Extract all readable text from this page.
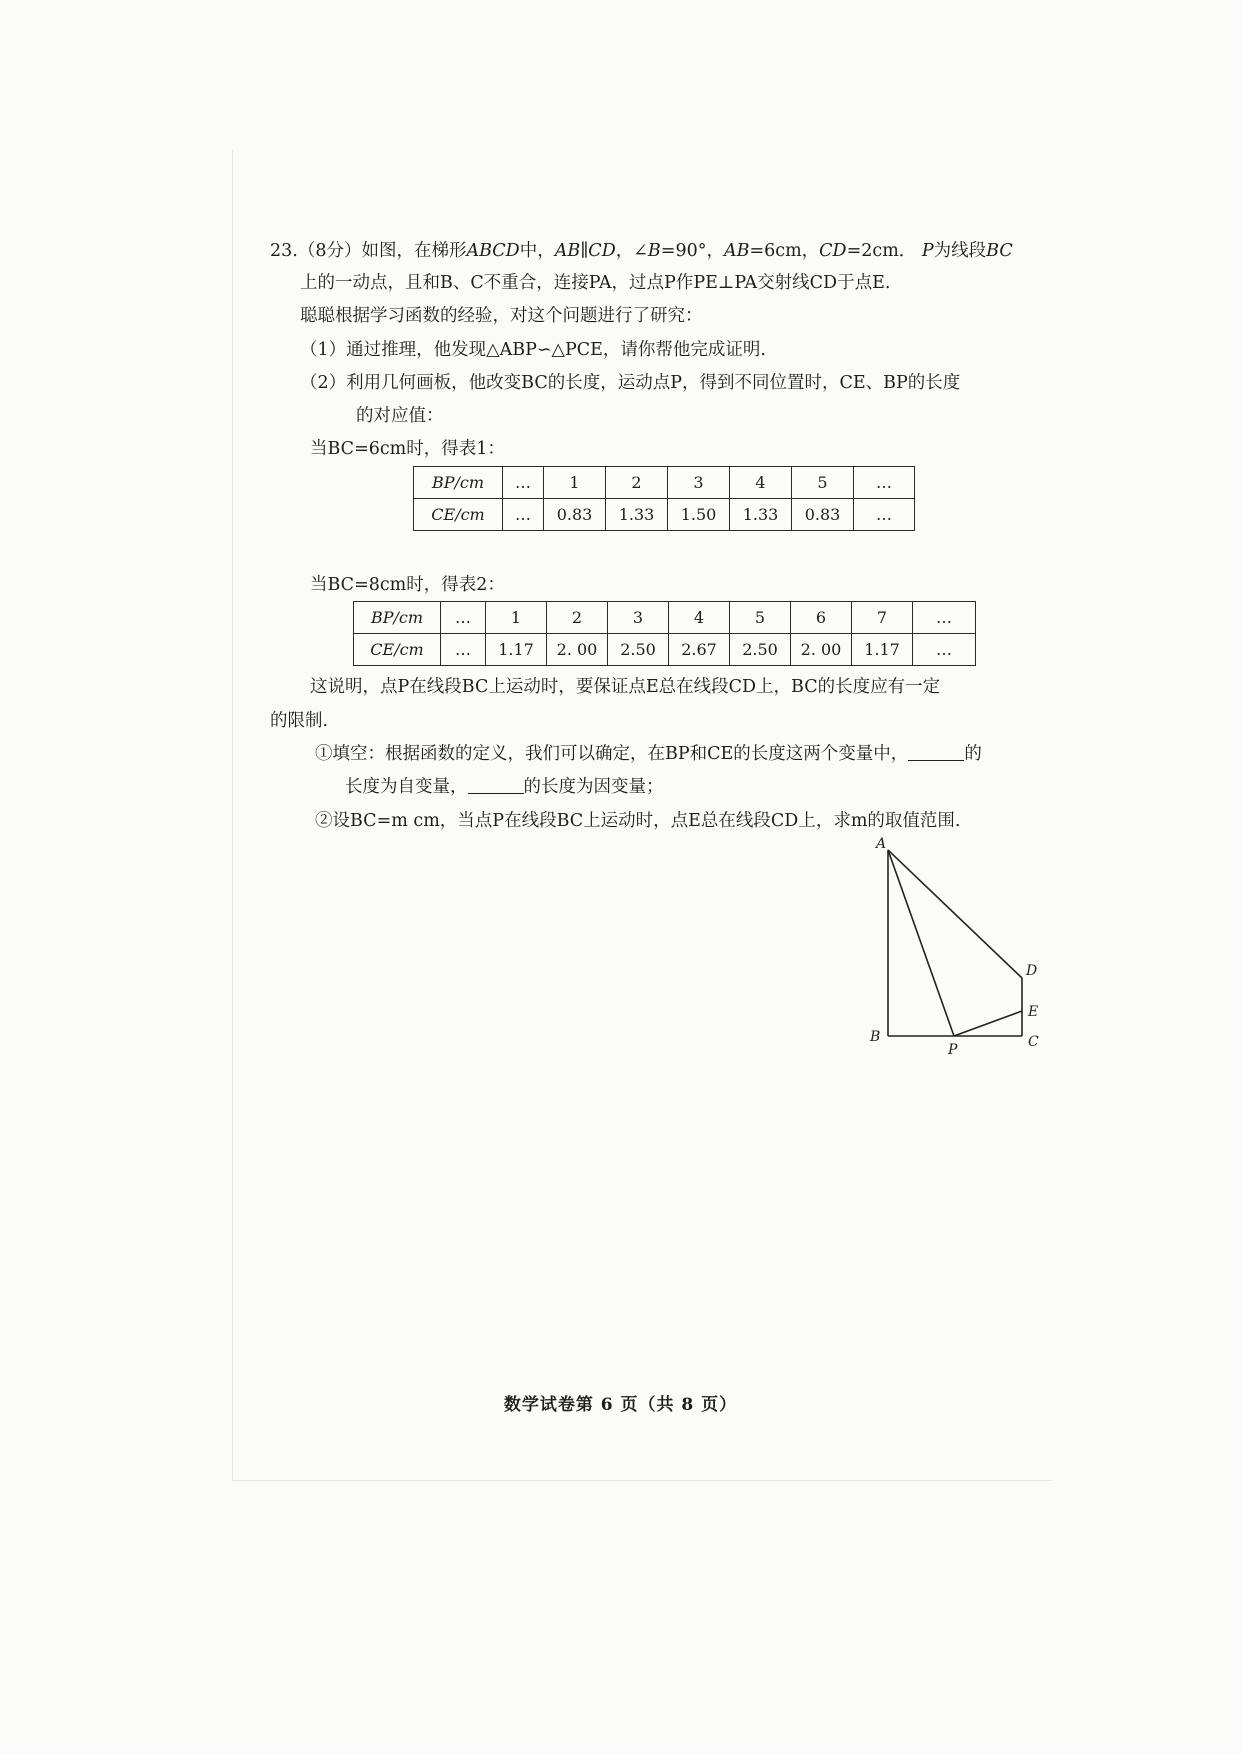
23.（8分）如图，在梯形ABCD中，AB∥CD，∠B=90°，AB=6cm，CD=2cm． P为线段BC
上的一动点，且和B、C不重合，连接PA，过点P作PE⊥PA交射线CD于点E.
聪聪根据学习函数的经验，对这个问题进行了研究：
（1）通过推理，他发现△ABP∽△PCE，请你帮他完成证明.
（2）利用几何画板，他改变BC的长度，运动点P，得到不同位置时，CE、BP的长度
的对应值：
当BC=6cm时，得表1：
BP/cm	…	1	2	3	4	5	…
CE/cm	…	0.83	1.33	1.50	1.33	0.83	…
当BC=8cm时，得表2：
BP/cm	…	1	2	3	4	5	6	7	…
CE/cm	…	1.17	2. 00	2.50	2.67	2.50	2. 00	1.17	…
这说明，点P在线段BC上运动时，要保证点E总在线段CD上，BC的长度应有一定
的限制.
①填空：根据函数的定义，我们可以确定，在BP和CE的长度这两个变量中，	的
长度为自变量，	的长度为因变量；
②设BC=m cm，当点P在线段BC上运动时，点E总在线段CD上，求m的取值范围.
A
B	C
D
E
P
数学试卷第 6 页（共 8 页）
